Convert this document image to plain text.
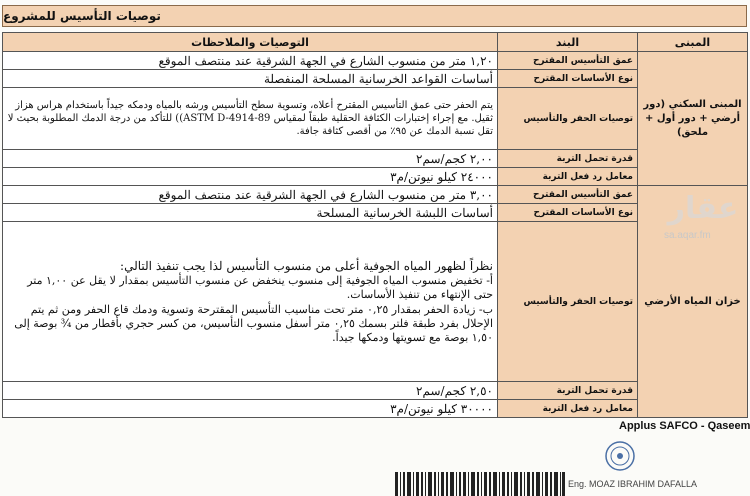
توصيات التأسيس للمشروع
المبنى	البند	التوصيات والملاحظات
المبنى السكني (دور أرضي + دور أول + ملحق)	عمق التأسيس المقترح	١,٢٠ متر من منسوب الشارع في الجهة الشرقية عند منتصف الموقع
	نوع الأساسات المقترح	أساسات القواعد الخرسانية المسلحة المنفصلة
	توصيات الحفر والتأسيس	يتم الحفر حتى عمق التأسيس المقترح أعلاه، وتسوية سطح التأسيس ورشه بالمياه ودمكه جيداً باستخدام هراس هزاز ثقيل. مع إجراء إختبارات الكثافة الحقلية طبقاً لمقياس ASTM D-4914-89)) للتأكد من درجة الدمك المطلوبة بحيث لا تقل نسبة الدمك عن ٩٥٪ من أقصى كثافة جافة.
	قدرة تحمل التربة	٢,٠٠ كجم/سم٢
	معامل رد فعل التربة	٢٤٠٠٠ كيلو نيوتن/م٣
خزان المياه الأرضي	عمق التأسيس المقترح	٣,٠٠ متر من منسوب الشارع في الجهة الشرقية عند منتصف الموقع
	نوع الأساسات المقترح	أساسات اللبشة الخرسانية المسلحة
	توصيات الحفر والتأسيس	نظراً لظهور المياه الجوفية أعلى من منسوب التأسيس لذا يجب تنفيذ التالي:
أ- تخفيض منسوب المياه الجوفية إلى منسوب ينخفض عن منسوب التأسيس بمقدار لا يقل عن ١,٠٠ متر حتى الإنتهاء من تنفيذ الأساسات.
ب- زيادة الحفر بمقدار ٠,٢٥ متر تحت مناسيب التأسيس المقترحة وتسوية ودمك قاع الحفر ومن ثم يتم الإحلال بفرد طبقة فلتر بسمك ٠,٢٥ متر أسفل منسوب التأسيس، من كسر حجري بأقطار من ¾ بوصة إلى ١,٥٠ بوصة مع تسويتها ودمكها جيداً.

	قدرة تحمل التربة	٢,٥٠ كجم/سم٢
	معامل رد فعل التربة	٣٠٠٠٠ كيلو نيوتن/م٣
عقار
sa.aqar.fm
Applus SAFCO - Qaseem
Eng. MOAZ IBRAHIM DAFALLA
